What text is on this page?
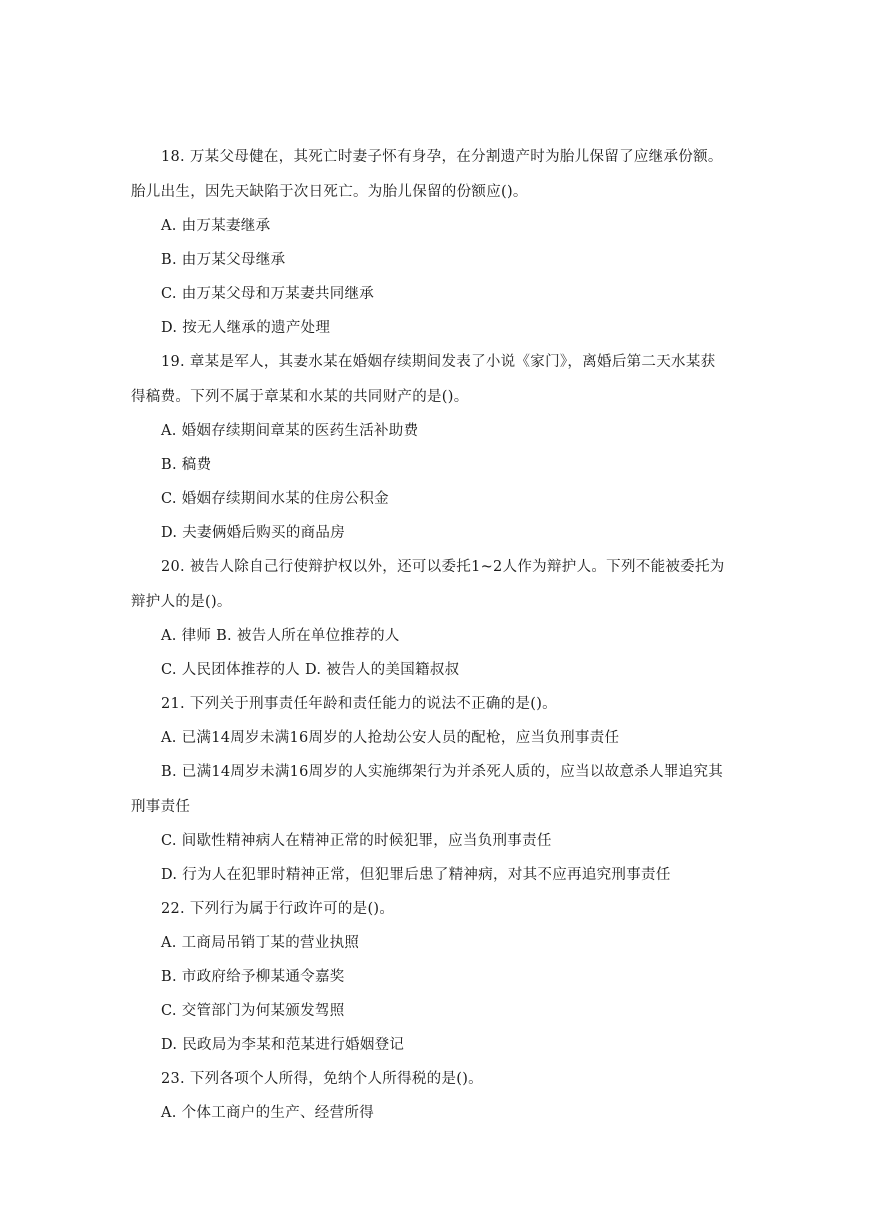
18. 万某父母健在，其死亡时妻子怀有身孕，在分割遗产时为胎儿保留了应继承份额。
胎儿出生，因先天缺陷于次日死亡。为胎儿保留的份额应()。
A. 由万某妻继承
B. 由万某父母继承
C. 由万某父母和万某妻共同继承
D. 按无人继承的遗产处理
19. 章某是军人，其妻水某在婚姻存续期间发表了小说《家门》，离婚后第二天水某获
得稿费。下列不属于章某和水某的共同财产的是()。
A. 婚姻存续期间章某的医药生活补助费
B. 稿费
C. 婚姻存续期间水某的住房公积金
D. 夫妻俩婚后购买的商品房
20. 被告人除自己行使辩护权以外，还可以委托1~2人作为辩护人。下列不能被委托为
辩护人的是()。
A. 律师 B. 被告人所在单位推荐的人
C. 人民团体推荐的人 D. 被告人的美国籍叔叔
21. 下列关于刑事责任年龄和责任能力的说法不正确的是()。
A. 已满14周岁未满16周岁的人抢劫公安人员的配枪，应当负刑事责任
B. 已满14周岁未满16周岁的人实施绑架行为并杀死人质的，应当以故意杀人罪追究其
刑事责任
C. 间歇性精神病人在精神正常的时候犯罪，应当负刑事责任
D. 行为人在犯罪时精神正常，但犯罪后患了精神病，对其不应再追究刑事责任
22. 下列行为属于行政许可的是()。
A. 工商局吊销丁某的营业执照
B. 市政府给予柳某通令嘉奖
C. 交管部门为何某颁发驾照
D. 民政局为李某和范某进行婚姻登记
23. 下列各项个人所得，免纳个人所得税的是()。
A. 个体工商户的生产、经营所得
